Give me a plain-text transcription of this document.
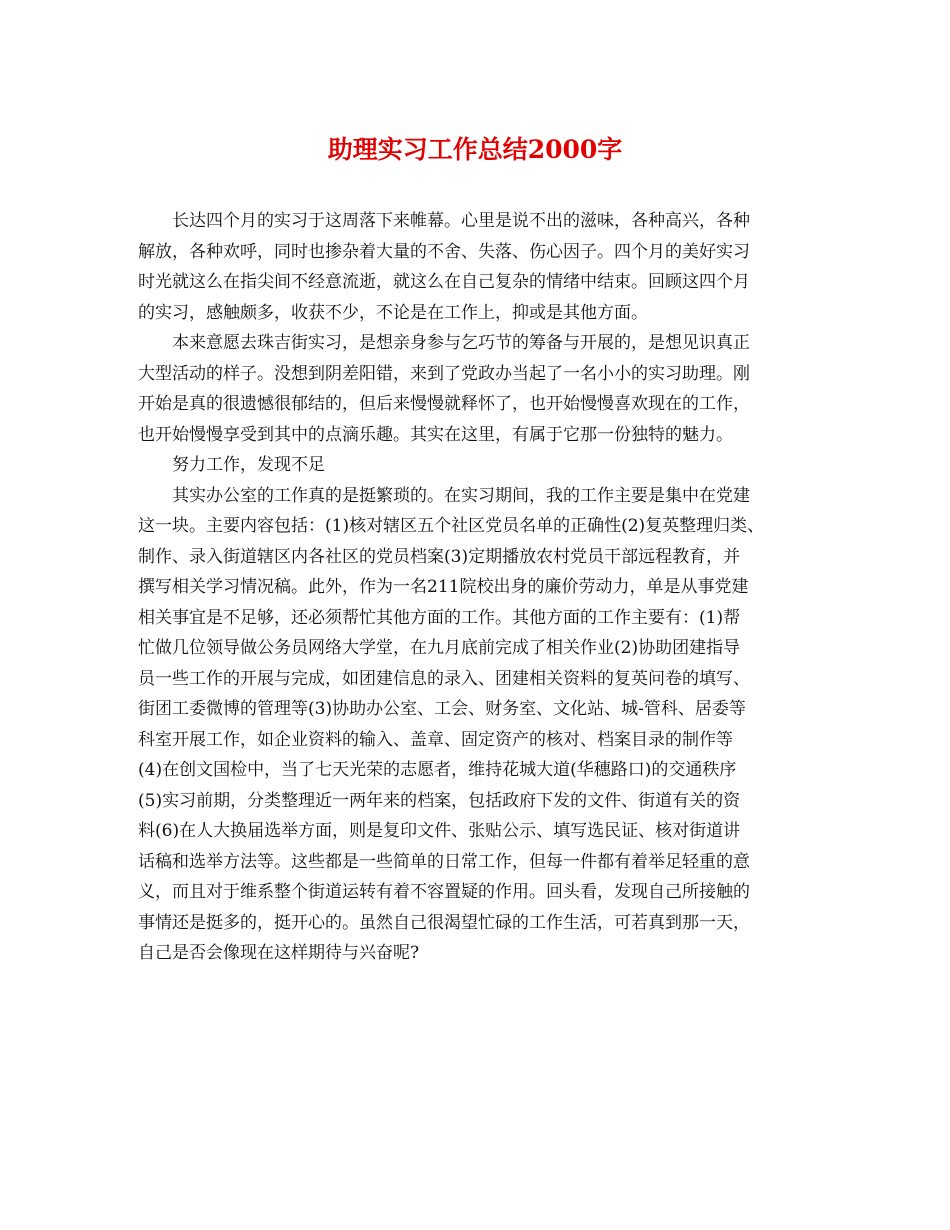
助理实习工作总结2000字
长达四个月的实习于这周落下来帷幕。心里是说不出的滋味，各种高兴，各种
解放，各种欢呼，同时也掺杂着大量的不舍、失落、伤心因子。四个月的美好实习
时光就这么在指尖间不经意流逝，就这么在自己复杂的情绪中结束。回顾这四个月
的实习，感触颇多，收获不少，不论是在工作上，抑或是其他方面。
本来意愿去珠吉街实习，是想亲身参与乞巧节的筹备与开展的，是想见识真正
大型活动的样子。没想到阴差阳错，来到了党政办当起了一名小小的实习助理。刚
开始是真的很遗憾很郁结的，但后来慢慢就释怀了，也开始慢慢喜欢现在的工作，
也开始慢慢享受到其中的点滴乐趣。其实在这里，有属于它那一份独特的魅力。
努力工作，发现不足
其实办公室的工作真的是挺繁琐的。在实习期间，我的工作主要是集中在党建
这一块。主要内容包括：(1)核对辖区五个社区党员名单的正确性(2)复英整理归类、
制作、录入街道辖区内各社区的党员档案(3)定期播放农村党员干部远程教育，并
撰写相关学习情况稿。此外，作为一名211院校出身的廉价劳动力，单是从事党建
相关事宜是不足够，还必须帮忙其他方面的工作。其他方面的工作主要有：(1)帮
忙做几位领导做公务员网络大学堂，在九月底前完成了相关作业(2)协助团建指导
员一些工作的开展与完成，如团建信息的录入、团建相关资料的复英问卷的填写、
街团工委微博的管理等(3)协助办公室、工会、财务室、文化站、城-管科、居委等
科室开展工作，如企业资料的输入、盖章、固定资产的核对、档案目录的制作等
(4)在创文国检中，当了七天光荣的志愿者，维持花城大道(华穗路口)的交通秩序
(5)实习前期，分类整理近一两年来的档案，包括政府下发的文件、街道有关的资
料(6)在人大换届选举方面，则是复印文件、张贴公示、填写选民证、核对街道讲
话稿和选举方法等。这些都是一些简单的日常工作，但每一件都有着举足轻重的意
义，而且对于维系整个街道运转有着不容置疑的作用。回头看，发现自己所接触的
事情还是挺多的，挺开心的。虽然自己很渴望忙碌的工作生活，可若真到那一天，
自己是否会像现在这样期待与兴奋呢?
